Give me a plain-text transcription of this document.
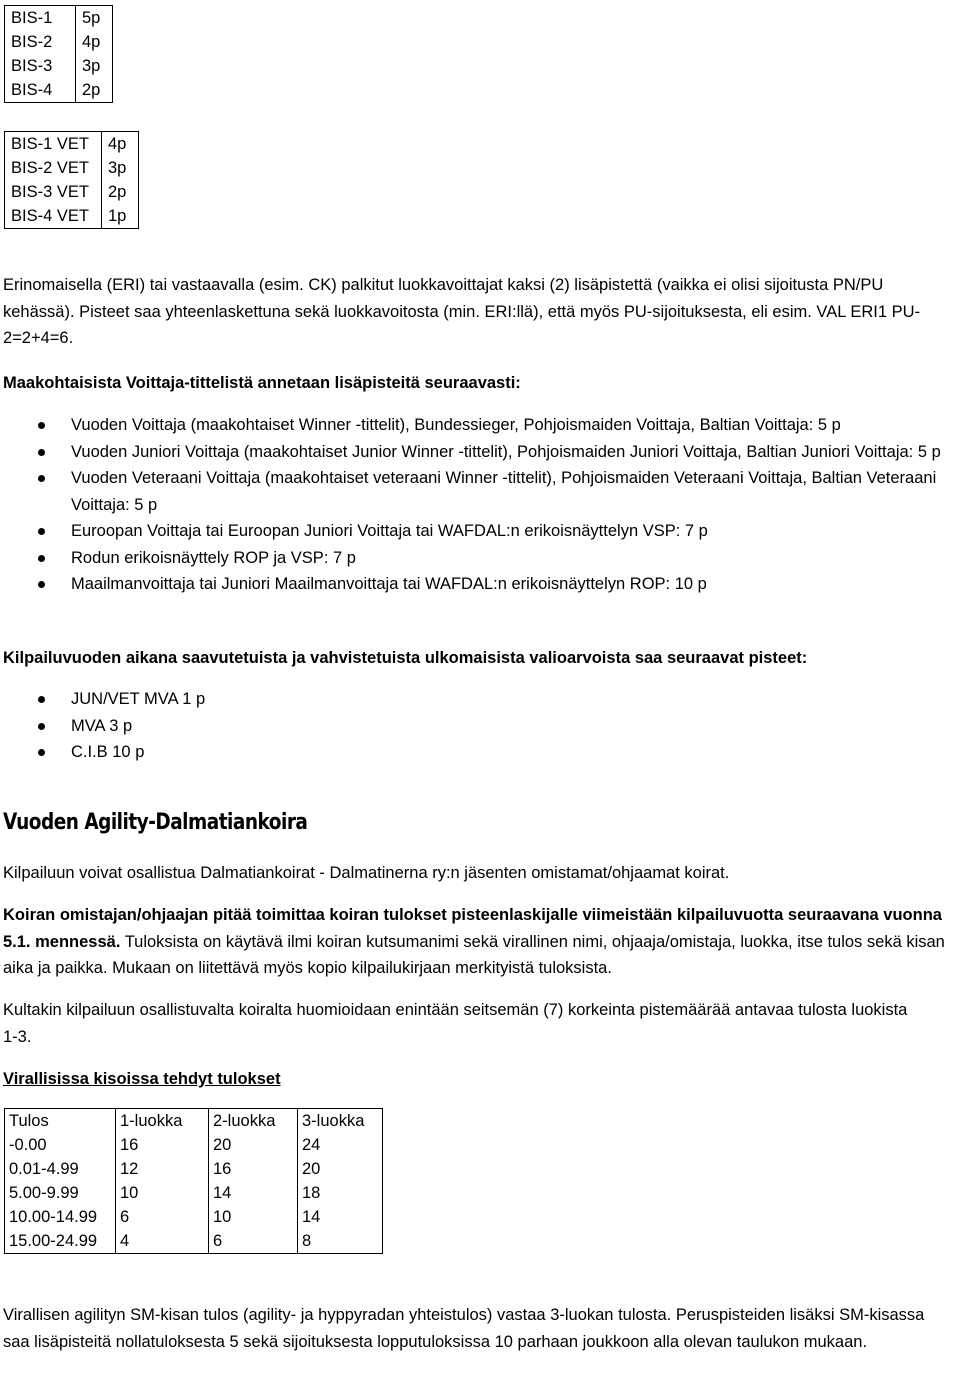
BIS-1	5p
BIS-2	4p
BIS-3	3p
BIS-4	2p
BIS-1 VET	4p
BIS-2 VET	3p
BIS-3 VET	2p
BIS-4 VET	1p
Erinomaisella (ERI) tai vastaavalla (esim. CK) palkitut luokkavoittajat kaksi (2) lisäpistettä (vaikka ei olisi sijoitusta PN/PU kehässä). Pisteet saa yhteenlaskettuna sekä luokkavoitosta (min. ERI:llä), että myös PU-sijoituksesta, eli esim. VAL ERI1 PU-2=2+4=6.
Maakohtaisista Voittaja-tittelistä annetaan lisäpisteitä seuraavasti:
Vuoden Voittaja (maakohtaiset Winner -tittelit), Bundessieger, Pohjoismaiden Voittaja, Baltian Voittaja: 5 p
Vuoden Juniori Voittaja (maakohtaiset Junior Winner -tittelit), Pohjoismaiden Juniori Voittaja, Baltian Juniori Voittaja: 5 p
Vuoden Veteraani Voittaja (maakohtaiset veteraani Winner -tittelit), Pohjoismaiden Veteraani Voittaja, Baltian Veteraani Voittaja: 5 p
Euroopan Voittaja tai Euroopan Juniori Voittaja tai WAFDAL:n erikoisnäyttelyn VSP: 7 p
Rodun erikoisnäyttely ROP ja VSP: 7 p
Maailmanvoittaja tai Juniori Maailmanvoittaja tai WAFDAL:n erikoisnäyttelyn ROP: 10 p
Kilpailuvuoden aikana saavutetuista ja vahvistetuista ulkomaisista valioarvoista saa seuraavat pisteet:
JUN/VET MVA 1 p
MVA 3 p
C.I.B 10 p
Vuoden Agility-Dalmatiankoira
Kilpailuun voivat osallistua Dalmatiankoirat - Dalmatinerna ry:n jäsenten omistamat/ohjaamat koirat.
Koiran omistajan/ohjaajan pitää toimittaa koiran tulokset pisteenlaskijalle viimeistään kilpailuvuotta seuraavana vuonna 5.1. mennessä. Tuloksista on käytävä ilmi koiran kutsumanimi sekä virallinen nimi, ohjaaja/omistaja, luokka, itse tulos sekä kisan aika ja paikka. Mukaan on liitettävä myös kopio kilpailukirjaan merkityistä tuloksista.
Kultakin kilpailuun osallistuvalta koiralta huomioidaan enintään seitsemän (7) korkeinta pistemäärää antavaa tulosta luokista 1-3.
Virallisissa kisoissa tehdyt tulokset
Tulos	1-luokka	2-luokka	3-luokka
-0.00	16	20	24
0.01-4.99	12	16	20
5.00-9.99	10	14	18
10.00-14.99	6	10	14
15.00-24.99	4	6	8
Virallisen agilityn SM-kisan tulos (agility- ja hyppyradan yhteistulos) vastaa 3-luokan tulosta. Peruspisteiden lisäksi SM-kisassa saa lisäpisteitä nollatuloksesta 5 sekä sijoituksesta lopputuloksissa 10 parhaan joukkoon alla olevan taulukon mukaan.
